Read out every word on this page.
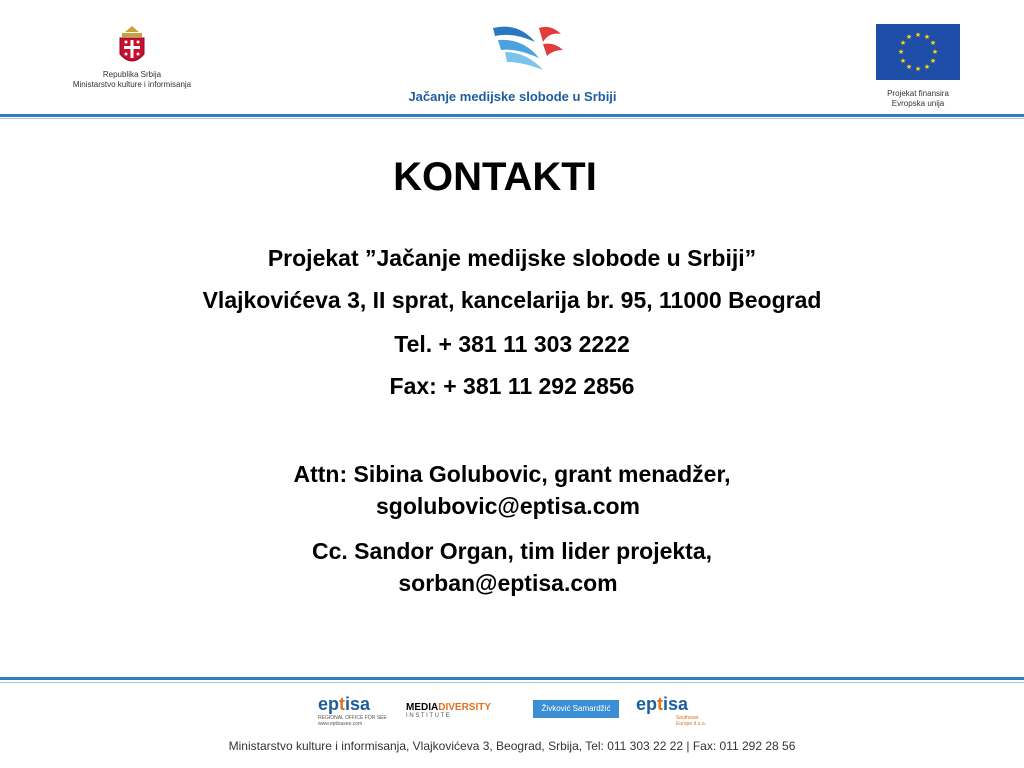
Republika Srbija
Ministarstvo kulture i informisanja
Jačanje medijske slobode u Srbiji
★ ★
★
★
★
★
★
★
★
★
★
★
Projekat finansira
Evropska unija
KONTAKTI
Projekat ”Jačanje medijske slobode u Srbiji”
Vlajkovićeva 3, II sprat, kancelarija br. 95, 11000 Beograd
Tel. + 381 11 303 2222
Fax: + 381 11 292 2856
Attn: Sibina Golubovic, grant menadžer,
sgolubovic@eptisa.com
Cc. Sandor Organ, tim lider projekta,
sorban@eptisa.com
eptisa
REGIONAL OFFICE FOR SEE
www.eptisasee.com
MEDIADIVERSITY
I N S T I T U T E
Živković Samardžić	eptisa
Southeast
Europe d.o.o.
Ministarstvo kulture i informisanja, Vlajkovićeva 3, Beograd, Srbija, Tel: 011 303 22 22 | Fax: 011 292 28 56
